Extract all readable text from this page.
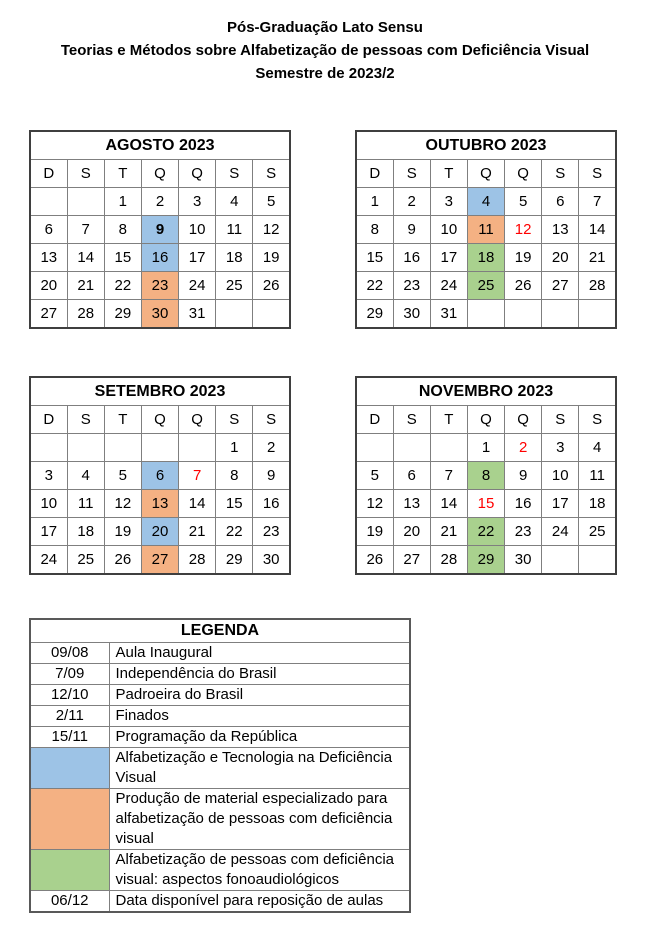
Pós-Graduação Lato Sensu
Teorias e Métodos sobre Alfabetização de pessoas com Deficiência Visual
Semestre de 2023/2
AGOSTO 2023						
D	S	T	Q	Q	S	S
		1	2	3	4	5
6	7	8	9	10	11	12
13	14	15	16	17	18	19
20	21	22	23	24	25	26
27	28	29	30	31		
OUTUBRO 2023						
D	S	T	Q	Q	S	S
1	2	3	4	5	6	7
8	9	10	11	12	13	14
15	16	17	18	19	20	21
22	23	24	25	26	27	28
29	30	31				
SETEMBRO 2023						
D	S	T	Q	Q	S	S
					1	2
3	4	5	6	7	8	9
10	11	12	13	14	15	16
17	18	19	20	21	22	23
24	25	26	27	28	29	30
NOVEMBRO 2023						
D	S	T	Q	Q	S	S
			1	2	3	4
5	6	7	8	9	10	11
12	13	14	15	16	17	18
19	20	21	22	23	24	25
26	27	28	29	30		
LEGENDA	
09/08	Aula Inaugural
7/09	Independência do Brasil
12/10	Padroeira do Brasil
2/11	Finados
15/11	Programação da República
	Alfabetização e Tecnologia na Deficiência Visual
	Produção de material especializado para alfabetização de pessoas com deficiência visual
	Alfabetização de pessoas com deficiência visual: aspectos fonoaudiológicos
06/12	Data disponível para reposição de aulas
